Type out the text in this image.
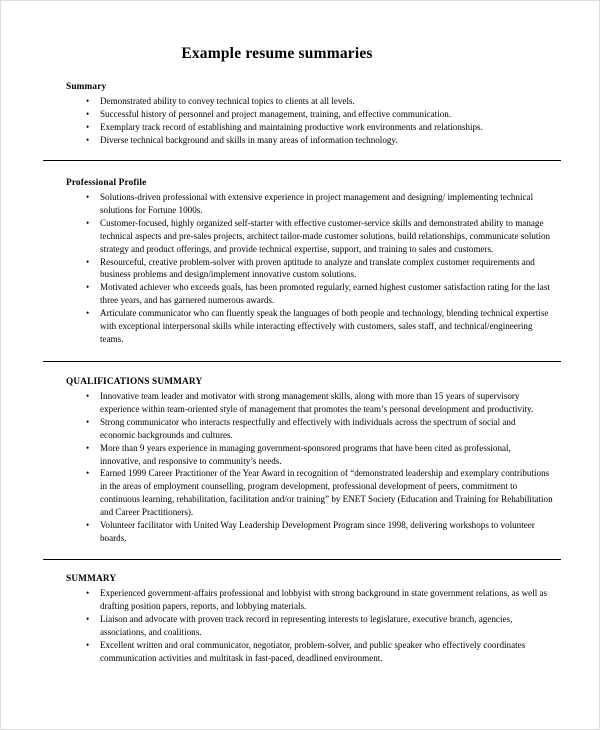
Example resume summaries
Summary
• Demonstrated ability to convey technical topics to clients at all levels.
• Successful history of personnel and project management, training, and effective communication.
• Exemplary track record of establishing and maintaining productive work environments and relationships.
• Diverse technical background and skills in many areas of information technology.
Professional Profile
• Solutions-driven professional with extensive experience in project management and designing/ implementing technical solutions for Fortune 1000s.
• Customer-focused, highly organized self-starter with effective customer-service skills and demonstrated ability to manage technical aspects and pre-sales projects, architect tailor-made customer solutions, build relationships, communicate solution strategy and product offerings, and provide technical expertise, support, and training to sales and customers.
• Resourceful, creative problem-solver with proven aptitude to analyze and translate complex customer requirements and business problems and design/implement innovative custom solutions.
• Motivated achiever who exceeds goals, has been promoted regularly, earned highest customer satisfaction rating for the last three years, and has garnered numerous awards.
• Articulate communicator who can fluently speak the languages of both people and technology, blending technical expertise with exceptional interpersonal skills while interacting effectively with customers, sales staff, and technical/engineering teams.
QUALIFICATIONS SUMMARY
• Innovative team leader and motivator with strong management skills, along with more than 15 years of supervisory experience within team-oriented style of management that promotes the team’s personal development and productivity.
• Strong communicator who interacts respectfully and effectively with individuals across the spectrum of social and economic backgrounds and cultures.
• More than 9 years experience in managing government-sponsored programs that have been cited as professional, innovative, and responsive to community’s needs.
• Earned 1999 Career Practitioner of the Year Award in recognition of “demonstrated leadership and exemplary contributions in the areas of employment counselling, program development, professional development of peers, commitment to continuous learning, rehabilitation, facilitation and/or training” by ENET Society (Education and Training for Rehabilitation and Career Practitioners).
• Volunteer facilitator with United Way Leadership Development Program since 1998, delivering workshops to volunteer boards.
SUMMARY
• Experienced government-affairs professional and lobbyist with strong background in state government relations, as well as drafting position papers, reports, and lobbying materials.
• Liaison and advocate with proven track record in representing interests to legislature, executive branch, agencies, associations, and coalitions.
• Excellent written and oral communicator, negotiator, problem-solver, and public speaker who effectively coordinates communication activities and multitask in fast-paced, deadlined environment.
